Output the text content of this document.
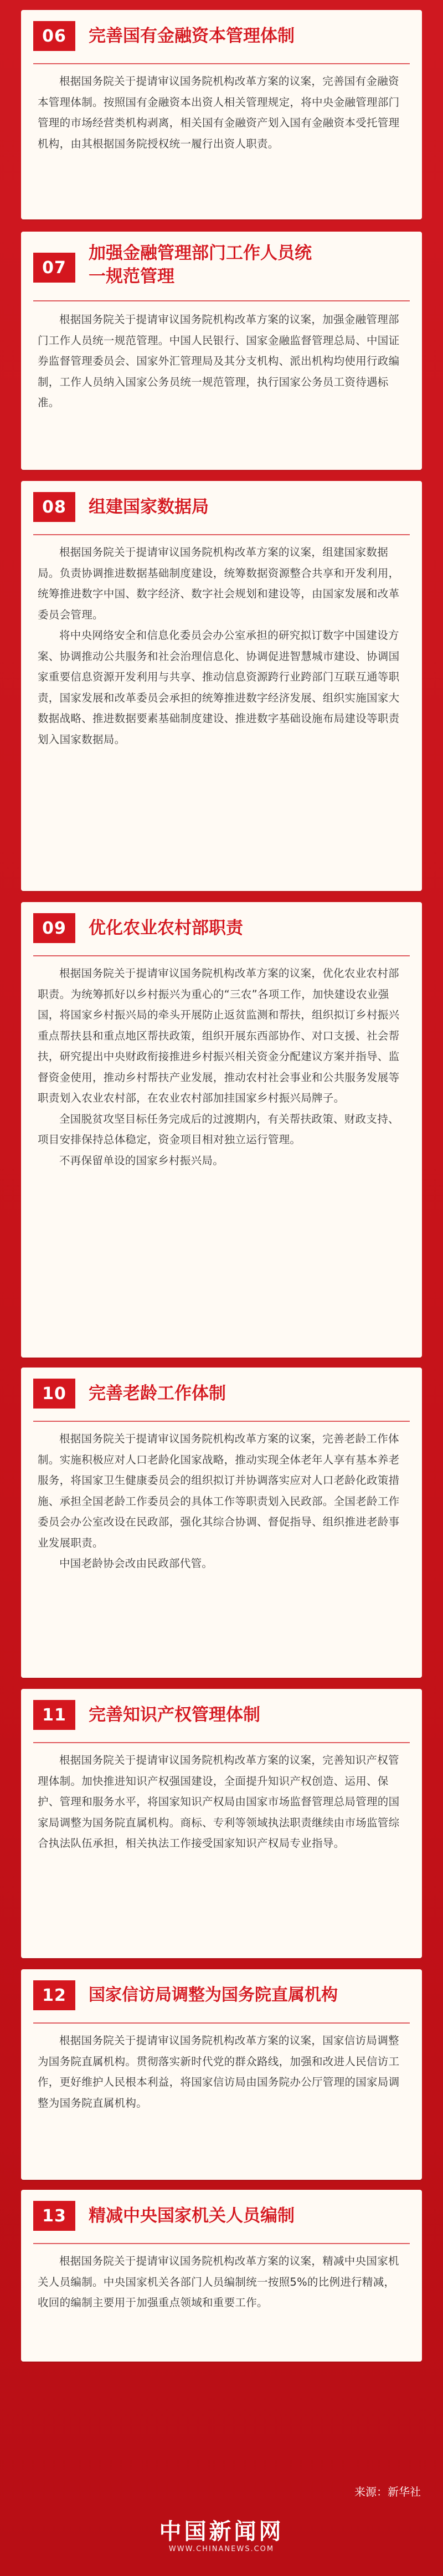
06	完善国有金融资本管理体制

根据国务院关于提请审议国务院机构改革方案的议案，完善国有金融资本管理体制。按照国有金融资本出资人相关管理规定，将中央金融管理部门管理的市场经营类机构剥离，相关国有金融资产划入国有金融资本受托管理机构，由其根据国务院授权统一履行出资人职责。

07
加强金融管理部门工作人员统一规范管理

根据国务院关于提请审议国务院机构改革方案的议案，加强金融管理部门工作人员统一规范管理。中国人民银行、国家金融监督管理总局、中国证券监督管理委员会、国家外汇管理局及其分支机构、派出机构均使用行政编制，工作人员纳入国家公务员统一规范管理，执行国家公务员工资待遇标准。

08	组建国家数据局

根据国务院关于提请审议国务院机构改革方案的议案，组建国家数据局。负责协调推进数据基础制度建设，统筹数据资源整合共享和开发利用，统筹推进数字中国、数字经济、数字社会规划和建设等，由国家发展和改革委员会管理。

将中央网络安全和信息化委员会办公室承担的研究拟订数字中国建设方案、协调推动公共服务和社会治理信息化、协调促进智慧城市建设、协调国家重要信息资源开发利用与共享、推动信息资源跨行业跨部门互联互通等职责，国家发展和改革委员会承担的统筹推进数字经济发展、组织实施国家大数据战略、推进数据要素基础制度建设、推进数字基础设施布局建设等职责划入国家数据局。

09	优化农业农村部职责

根据国务院关于提请审议国务院机构改革方案的议案，优化农业农村部职责。为统筹抓好以乡村振兴为重心的“三农”各项工作，加快建设农业强国，将国家乡村振兴局的牵头开展防止返贫监测和帮扶，组织拟订乡村振兴重点帮扶县和重点地区帮扶政策，组织开展东西部协作、对口支援、社会帮扶，研究提出中央财政衔接推进乡村振兴相关资金分配建议方案并指导、监督资金使用，推动乡村帮扶产业发展，推动农村社会事业和公共服务发展等职责划入农业农村部，在农业农村部加挂国家乡村振兴局牌子。

全国脱贫攻坚目标任务完成后的过渡期内，有关帮扶政策、财政支持、项目安排保持总体稳定，资金项目相对独立运行管理。

不再保留单设的国家乡村振兴局。

10	完善老龄工作体制

根据国务院关于提请审议国务院机构改革方案的议案，完善老龄工作体制。实施积极应对人口老龄化国家战略，推动实现全体老年人享有基本养老服务，将国家卫生健康委员会的组织拟订并协调落实应对人口老龄化政策措施、承担全国老龄工作委员会的具体工作等职责划入民政部。全国老龄工作委员会办公室改设在民政部，强化其综合协调、督促指导、组织推进老龄事业发展职责。

中国老龄协会改由民政部代管。

11	完善知识产权管理体制

根据国务院关于提请审议国务院机构改革方案的议案，完善知识产权管理体制。加快推进知识产权强国建设，全面提升知识产权创造、运用、保护、管理和服务水平，将国家知识产权局由国家市场监督管理总局管理的国家局调整为国务院直属机构。商标、专利等领域执法职责继续由市场监管综合执法队伍承担，相关执法工作接受国家知识产权局专业指导。

12	国家信访局调整为国务院直属机构

根据国务院关于提请审议国务院机构改革方案的议案，国家信访局调整为国务院直属机构。贯彻落实新时代党的群众路线，加强和改进人民信访工作，更好维护人民根本利益，将国家信访局由国务院办公厅管理的国家局调整为国务院直属机构。

13	精减中央国家机关人员编制

根据国务院关于提请审议国务院机构改革方案的议案，精减中央国家机关人员编制。中央国家机关各部门人员编制统一按照5%的比例进行精减，收回的编制主要用于加强重点领域和重要工作。

来源：新华社
中国新闻网
WWW.CHINANEWS.COM
